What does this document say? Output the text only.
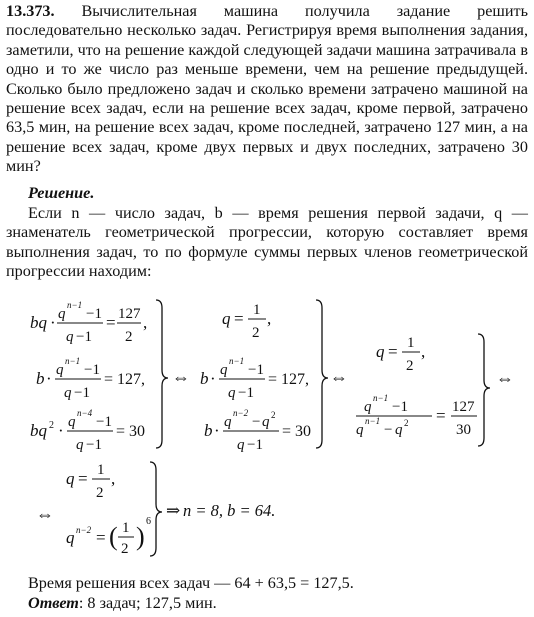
13.373. Вычислительная машина получила задание решить последовательно несколько задач. Регистрируя время выполнения задания, заметили, что на решение каждой следующей задачи машина затрачивала в одно и то же число раз меньше времени, чем на решение предыдущей. Сколько было предложено задач и сколько времени затрачено машиной на решение всех задач, если на решение всех задач, кроме первой, затрачено 63,5 мин, на решение всех задач, кроме последней, затрачено 127 мин, а на решение всех задач, кроме двух первых и двух последних, затрачено 30 мин?
Решение.
Если n — число задач, b — время решения первой задачи, q — знаменатель геометрической прогрессии, которую составляет время выполнения задач, то по формуле суммы первых членов геометрической прогрессии находим:
bq · q
n−1
−1
q −1
= 127
2
,
b · q
n−1
−1
q −1
= 127,
bq 2 · q
n−4
−1
q −1
= 30
⇔
q = 1
2
,
b · q
n−1
−1
q −1
= 127,
b · q
n−2
− q 2
q −1
= 30
⇔
q = 1
2
,
q
n−1
−1
q
n−1
− q 2 = 127
30
⇔
⇔
q = 1
2
,
q n−2 = ( 1
2 )
6
⇒ n = 8, b = 64.
Время решения всех задач — 64 + 63,5 = 127,5.
Ответ: 8 задач; 127,5 мин.
